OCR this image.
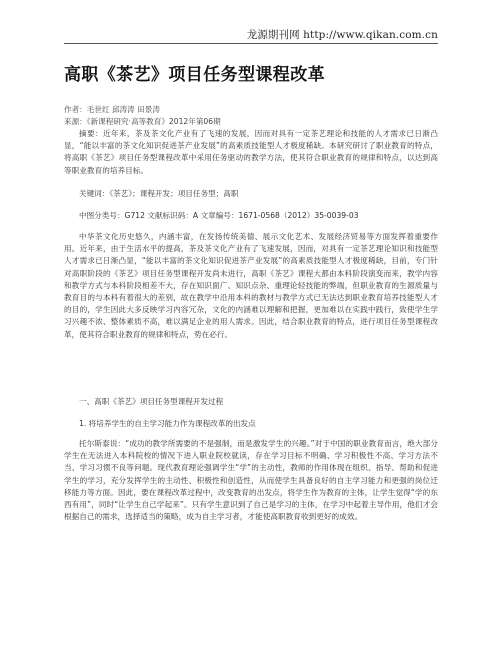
龙源期刊网 http://www.qikan.com.cn
高职《茶艺》项目任务型课程改革
作者：毛世红 邱涛涛 田景涛
来源：《新课程研究·高等教育》2012年第06期

摘要：近年来，茶及茶文化产业有了飞速的发展，因而对具有一定茶艺理论和技能的人才需求已日渐凸显，“能以丰富的茶文化知识促进茶产业发展”的高素质技能型人才极度稀缺。本研究研讨了职业教育的特点，将高职《茶艺》项目任务型课程改革中采用任务驱动的教学方法，使其符合职业教育的规律和特点，以达到高等职业教育的培养目标。

关键词：《茶艺》；课程开发；项目任务型；高职
中图分类号：G712 文献标识码：A 文章编号：1671-0568（2012）35-0039-03

中华茶文化历史悠久，内涵丰富，在发扬传统美德、展示文化艺术、发展经济贸易等方面发挥着重要作用。近年来，由于生活水平的提高，茶及茶文化产业有了飞速发展，因而，对具有一定茶艺理论知识和技能型人才需求已日渐凸显，“能以丰富的茶文化知识促进茶产业发展”的高素质技能型人才极度稀缺，目前，专门针对高职阶段的《茶艺》项目任务型课程开发尚未进行，高职《茶艺》课程大都由本科阶段演变而来，教学内容和教学方式与本科阶段相差不大，存在知识面广、知识点杂、重理论轻技能的弊端，但职业教育的生源质量与教育目的与本科有着很大的差别，故在教学中沿用本科的教材与教学方式已无法达到职业教育培养技能型人才的目的，学生因此大多反映学习内容冗杂，文化的内涵难以理解和把握，更加难以在实践中践行，致使学生学习兴趣不浓、整体素质不高，难以满足企业的用人需求。因此，结合职业教育的特点，进行项目任务型课程改革，使其符合职业教育的规律和特点，势在必行。

一、高职《茶艺》项目任务型课程开发过程
1. 将培养学生的自主学习能力作为课程改革的出发点

托尔斯泰说：“成功的教学所需要的不是强制，而是激发学生的兴趣。”对于中国的职业教育而言，绝大部分学生在无法进入本科院校的情况下进入职业院校就读，存在学习目标不明确、学习积极性不高、学习方法不当、学习习惯不良等问题。现代教育理论强调学生“学”的主动性，教师的作用体现在组织、指导、帮助和促进学生的学习，充分发挥学生的主动性、积极性和创造性，从而使学生具备良好的自主学习能力和更强的岗位迁移能力等方面。因此，要在课程改革过程中，改变教育的出发点，将学生作为教育的主体，让学生觉得“学的东西有用”，同时“让学生自己学起来”。只有学生意识到了自己是学习的主体，在学习中起着主导作用，他们才会根据自己的需求，选择适当的策略，成为自主学习者，才能使高职教育收到更好的成效。
